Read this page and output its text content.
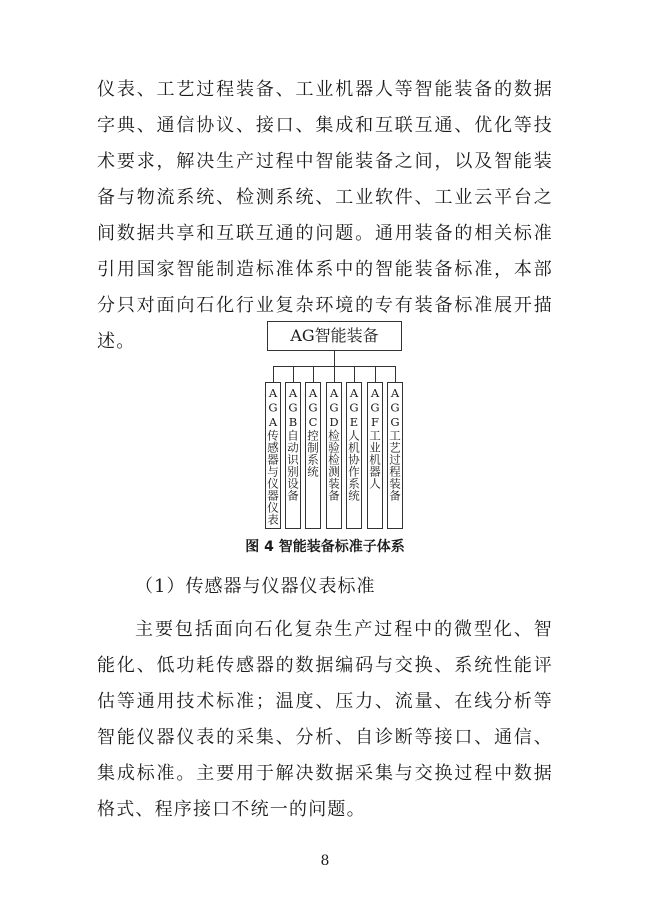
仪表、工艺过程装备、工业机器人等智能装备的数据字典、通信协议、接口、集成和互联互通、优化等技术要求，解决生产过程中智能装备之间，以及智能装备与物流系统、检测系统、工业软件、工业云平台之间数据共享和互联互通的问题。通用装备的相关标准引用国家智能制造标准体系中的智能装备标准，本部分只对面向石化行业复杂环境的专有装备标准展开描述。	AG智能装备
AGA传感器与仪器仪表 AGB自动识别设备 AGC控制系统 AGD检验检测装备 AGE人机协作系统 AGF工业机器人 AGG工艺过程装备
图 4 智能装备标准子体系

（1）传感器与仪器仪表标准

主要包括面向石化复杂生产过程中的微型化、智能化、低功耗传感器的数据编码与交换、系统性能评估等通用技术标准；温度、压力、流量、在线分析等智能仪器仪表的采集、分析、自诊断等接口、通信、集成标准。主要用于解决数据采集与交换过程中数据格式、程序接口不统一的问题。

8
